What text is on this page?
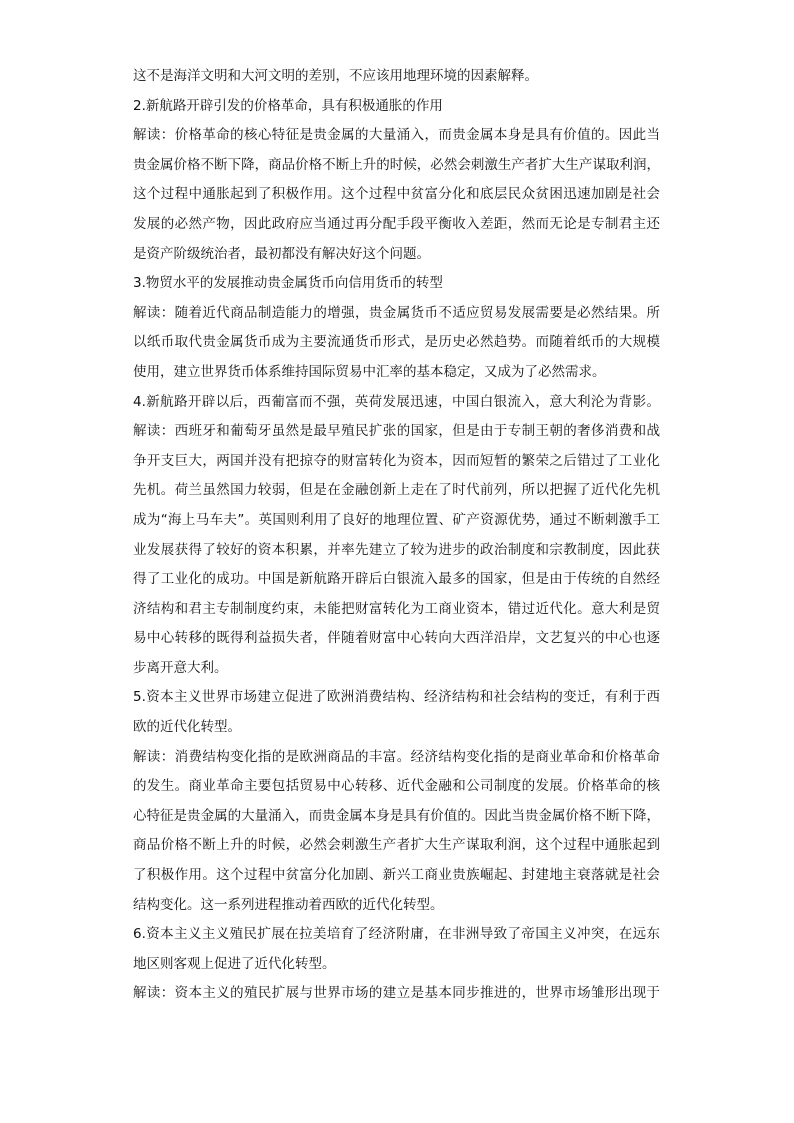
这不是海洋文明和大河文明的差别，不应该用地理环境的因素解释。
2.新航路开辟引发的价格革命，具有积极通胀的作用
解读：价格革命的核心特征是贵金属的大量涌入，而贵金属本身是具有价值的。因此当
贵金属价格不断下降，商品价格不断上升的时候，必然会刺激生产者扩大生产谋取利润，
这个过程中通胀起到了积极作用。这个过程中贫富分化和底层民众贫困迅速加剧是社会
发展的必然产物，因此政府应当通过再分配手段平衡收入差距，然而无论是专制君主还
是资产阶级统治者，最初都没有解决好这个问题。
3.物贸水平的发展推动贵金属货币向信用货币的转型
解读：随着近代商品制造能力的增强，贵金属货币不适应贸易发展需要是必然结果。所
以纸币取代贵金属货币成为主要流通货币形式，是历史必然趋势。而随着纸币的大规模
使用，建立世界货币体系维持国际贸易中汇率的基本稳定，又成为了必然需求。
4.新航路开辟以后，西葡富而不强，英荷发展迅速，中国白银流入，意大利沦为背影。
解读：西班牙和葡萄牙虽然是最早殖民扩张的国家，但是由于专制王朝的奢侈消费和战
争开支巨大，两国并没有把掠夺的财富转化为资本，因而短暂的繁荣之后错过了工业化
先机。荷兰虽然国力较弱，但是在金融创新上走在了时代前列，所以把握了近代化先机
成为“海上马车夫”。英国则利用了良好的地理位置、矿产资源优势，通过不断刺激手工
业发展获得了较好的资本积累，并率先建立了较为进步的政治制度和宗教制度，因此获
得了工业化的成功。中国是新航路开辟后白银流入最多的国家，但是由于传统的自然经
济结构和君主专制制度约束，未能把财富转化为工商业资本，错过近代化。意大利是贸
易中心转移的既得利益损失者，伴随着财富中心转向大西洋沿岸，文艺复兴的中心也逐
步离开意大利。
5.资本主义世界市场建立促进了欧洲消费结构、经济结构和社会结构的变迁，有利于西
欧的近代化转型。
解读：消费结构变化指的是欧洲商品的丰富。经济结构变化指的是商业革命和价格革命
的发生。商业革命主要包括贸易中心转移、近代金融和公司制度的发展。价格革命的核
心特征是贵金属的大量涌入，而贵金属本身是具有价值的。因此当贵金属价格不断下降，
商品价格不断上升的时候，必然会刺激生产者扩大生产谋取利润，这个过程中通胀起到
了积极作用。这个过程中贫富分化加剧、新兴工商业贵族崛起、封建地主衰落就是社会
结构变化。这一系列进程推动着西欧的近代化转型。
6.资本主义主义殖民扩展在拉美培育了经济附庸，在非洲导致了帝国主义冲突，在远东
地区则客观上促进了近代化转型。
解读：资本主义的殖民扩展与世界市场的建立是基本同步推进的，世界市场雏形出现于
